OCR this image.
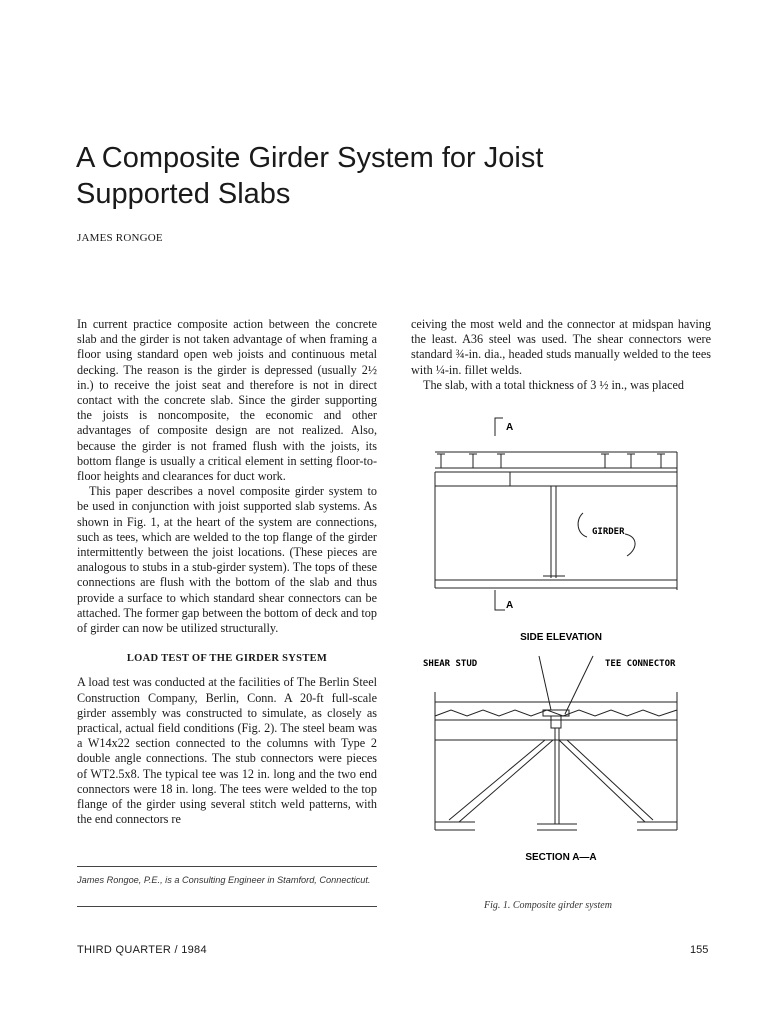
A Composite Girder System for Joist
Supported Slabs
JAMES RONGOE

In current practice composite action between the concrete slab and the girder is not taken advantage of when framing a floor using standard open web joists and continuous metal decking. The reason is the girder is depressed (usually 2½ in.) to receive the joist seat and therefore is not in direct contact with the concrete slab. Since the girder supporting the joists is noncomposite, the economic and other advantages of composite design are not realized. Also, because the girder is not framed flush with the joists, its bottom flange is usually a critical element in setting floor-to-floor heights and clearances for duct work.

This paper describes a novel composite girder system to be used in conjunction with joist supported slab systems. As shown in Fig. 1, at the heart of the system are connections, such as tees, which are welded to the top flange of the girder intermittently between the joist locations. (These pieces are analogous to stubs in a stub-girder system). The tops of these connections are flush with the bottom of the slab and thus provide a surface to which standard shear connectors can be attached. The former gap between the bottom of deck and top of girder can now be utilized structurally.

LOAD TEST OF THE GIRDER SYSTEM

A load test was conducted at the facilities of The Berlin Steel Construction Company, Berlin, Conn. A 20-ft full-scale girder assembly was constructed to simulate, as closely as practical, actual field conditions (Fig. 2). The steel beam was a W14x22 section connected to the columns with Type 2 double angle connections. The stub connectors were pieces of WT2.5x8. The typical tee was 12 in. long and the two end connectors were 18 in. long. The tees were welded to the top flange of the girder using several stitch weld patterns, with the end connectors re

ceiving the most weld and the connector at midspan having the least. A36 steel was used. The shear connectors were standard ¾-in. dia., headed studs manually welded to the tees with ¼-in. fillet welds.

The slab, with a total thickness of 3 ½ in., was placed

A
GIRDER
A
SIDE ELEVATION
SHEAR STUD	TEE CONNECTOR
SECTION A—A
Fig. 1. Composite girder system
James Rongoe, P.E., is a Consulting Engineer in Stamford, Connecticut.
THIRD QUARTER / 1984	155
